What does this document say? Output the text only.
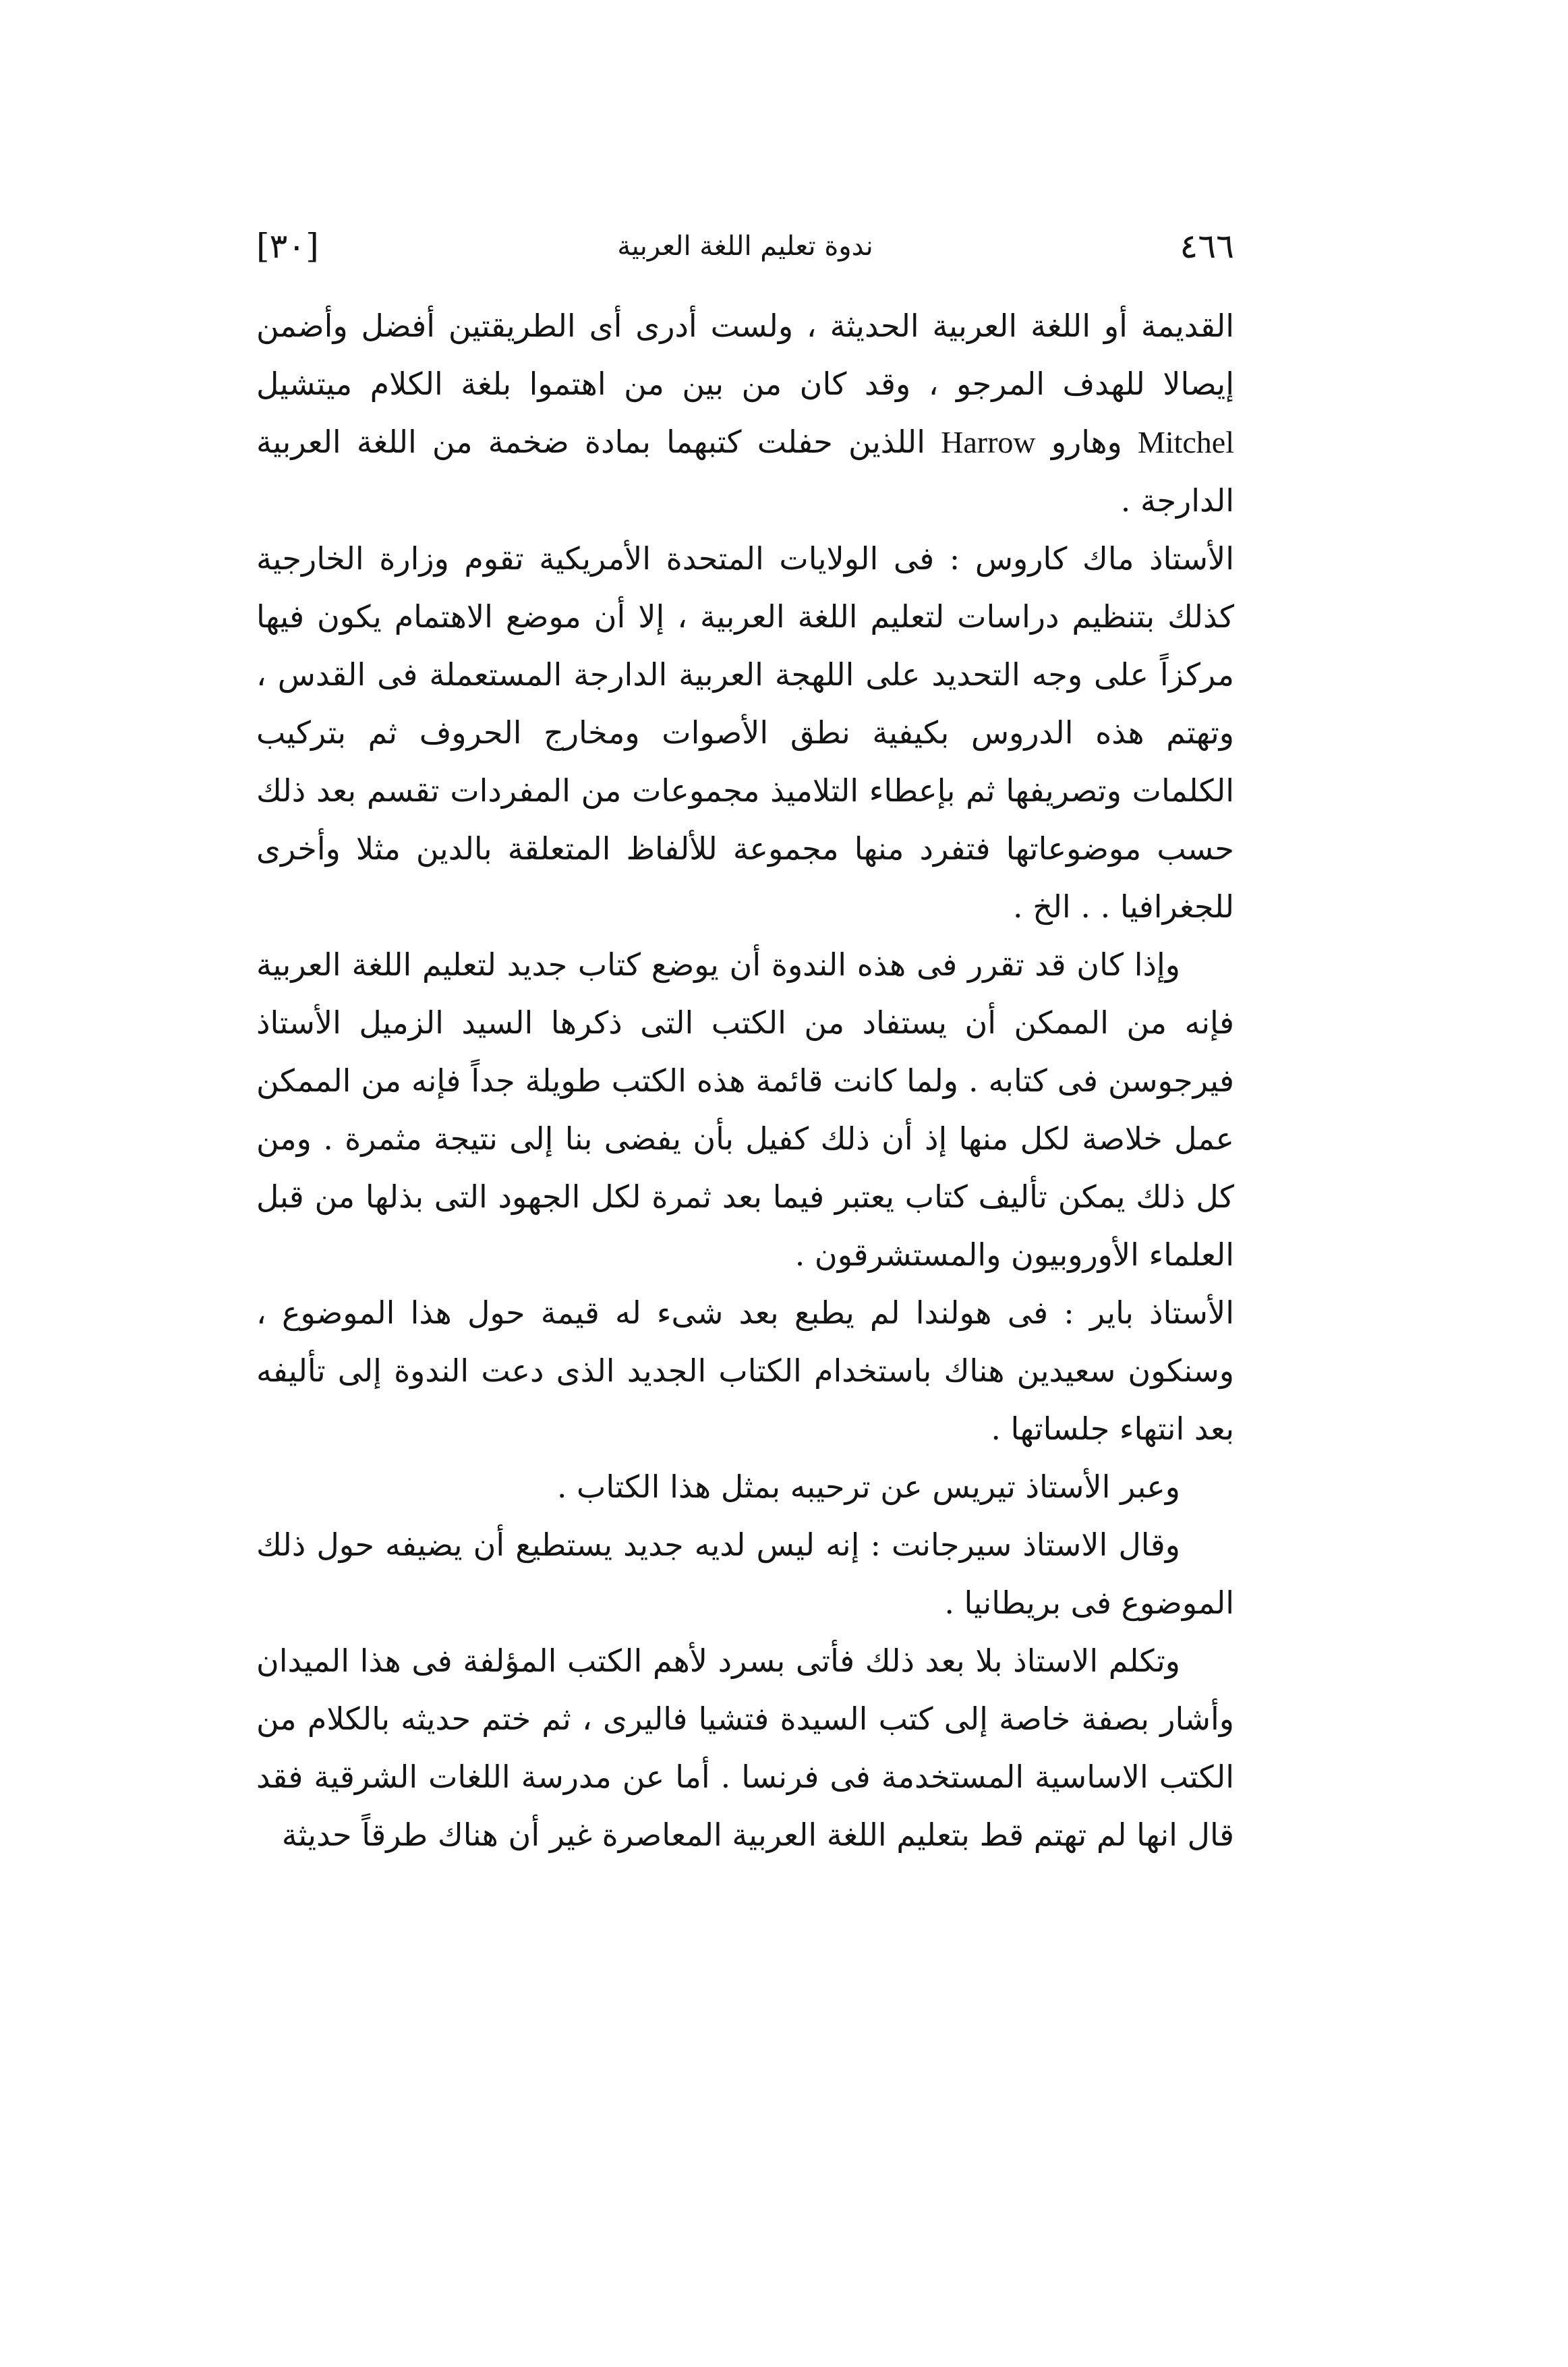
٤٦٦
ندوة تعليم اللغة العربية
[٣٠]

القديمة أو اللغة العربية الحديثة ، ولست أدرى أى الطريقتين أفضل وأضمن إيصالا للهدف المرجو ، وقد كان من بين من اهتموا بلغة الكلام ميتشيل Mitchel وهارو Harrow اللذين حفلت كتبهما بمادة ضخمة من اللغة العربية الدارجة .

الأستاذ ماك كاروس : فى الولايات المتحدة الأمريكية تقوم وزارة الخارجية كذلك بتنظيم دراسات لتعليم اللغة العربية ، إلا أن موضع الاهتمام يكون فيها مركزاً على وجه التحديد على اللهجة العربية الدارجة المستعملة فى القدس ، وتهتم هذه الدروس بكيفية نطق الأصوات ومخارج الحروف ثم بتركيب الكلمات وتصريفها ثم بإعطاء التلاميذ مجموعات من المفردات تقسم بعد ذلك حسب موضوعاتها فتفرد منها مجموعة للألفاظ المتعلقة بالدين مثلا وأخرى للجغرافيا . . الخ .

وإذا كان قد تقرر فى هذه الندوة أن يوضع كتاب جديد لتعليم اللغة العربية فإنه من الممكن أن يستفاد من الكتب التى ذكرها السيد الزميل الأستاذ فيرجوسن فى كتابه . ولما كانت قائمة هذه الكتب طويلة جداً فإنه من الممكن عمل خلاصة لكل منها إذ أن ذلك كفيل بأن يفضى بنا إلى نتيجة مثمرة . ومن كل ذلك يمكن تأليف كتاب يعتبر فيما بعد ثمرة لكل الجهود التى بذلها من قبل العلماء الأوروبيون والمستشرقون .

الأستاذ باير : فى هولندا لم يطبع بعد شىء له قيمة حول هذا الموضوع ، وسنكون سعيدين هناك باستخدام الكتاب الجديد الذى دعت الندوة إلى تأليفه بعد انتهاء جلساتها .

وعبر الأستاذ تيريس عن ترحيبه بمثل هذا الكتاب .

وقال الاستاذ سيرجانت : إنه ليس لديه جديد يستطيع أن يضيفه حول ذلك الموضوع فى بريطانيا .

وتكلم الاستاذ بلا بعد ذلك فأتى بسرد لأهم الكتب المؤلفة فى هذا الميدان وأشار بصفة خاصة إلى كتب السيدة فتشيا فاليرى ، ثم ختم حديثه بالكلام من الكتب الاساسية المستخدمة فى فرنسا . أما عن مدرسة اللغات الشرقية فقد قال انها لم تهتم قط بتعليم اللغة العربية المعاصرة غير أن هناك طرقاً حديثة
